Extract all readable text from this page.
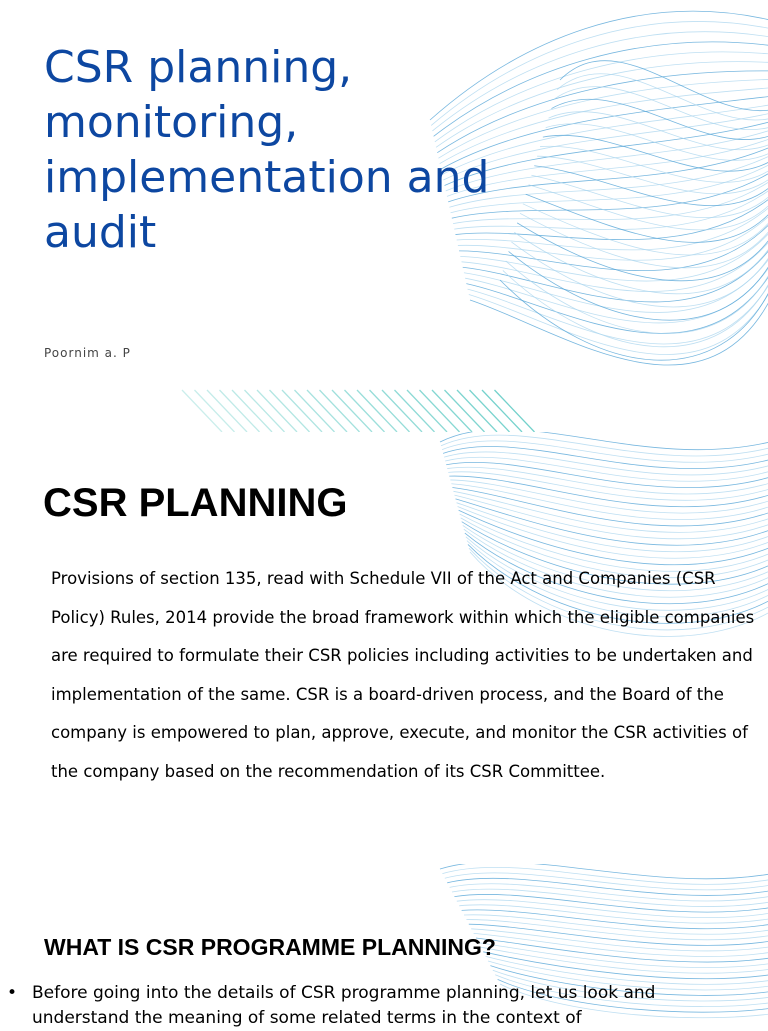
CSR planning, monitoring, implementation and audit

Poornim a. P

CSR PLANNING

Provisions of section 135, read with Schedule VII of the Act and Companies (CSR Policy) Rules, 2014 provide the broad framework within which the eligible companies are required to formulate their CSR policies including activities to be undertaken and implementation of the same. CSR is a board-driven process, and the Board of the company is empowered to plan, approve, execute, and monitor the CSR activities of the company based on the recommendation of its CSR Committee.

WHAT IS CSR PROGRAMME PLANNING?
• Before going into the details of CSR programme planning, let us look and understand the meaning of some related terms in the context of
